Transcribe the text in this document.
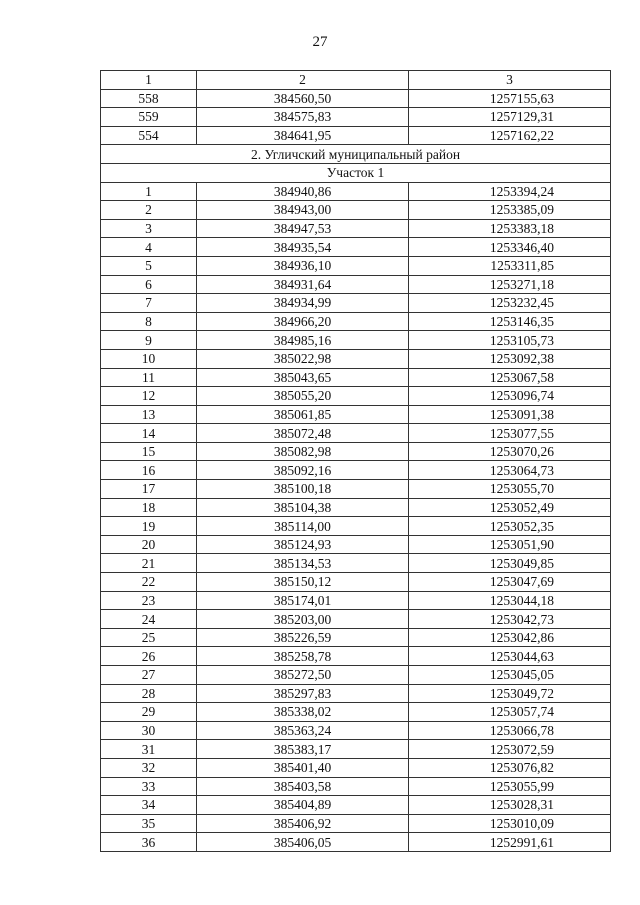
27
1	2	3
558	384560,50	1257155,63
559	384575,83	1257129,31
554	384641,95	1257162,22
2. Угличский муниципальный район		
Участок 1		
1	384940,86	1253394,24
2	384943,00	1253385,09
3	384947,53	1253383,18
4	384935,54	1253346,40
5	384936,10	1253311,85
6	384931,64	1253271,18
7	384934,99	1253232,45
8	384966,20	1253146,35
9	384985,16	1253105,73
10	385022,98	1253092,38
11	385043,65	1253067,58
12	385055,20	1253096,74
13	385061,85	1253091,38
14	385072,48	1253077,55
15	385082,98	1253070,26
16	385092,16	1253064,73
17	385100,18	1253055,70
18	385104,38	1253052,49
19	385114,00	1253052,35
20	385124,93	1253051,90
21	385134,53	1253049,85
22	385150,12	1253047,69
23	385174,01	1253044,18
24	385203,00	1253042,73
25	385226,59	1253042,86
26	385258,78	1253044,63
27	385272,50	1253045,05
28	385297,83	1253049,72
29	385338,02	1253057,74
30	385363,24	1253066,78
31	385383,17	1253072,59
32	385401,40	1253076,82
33	385403,58	1253055,99
34	385404,89	1253028,31
35	385406,92	1253010,09
36	385406,05	1252991,61
